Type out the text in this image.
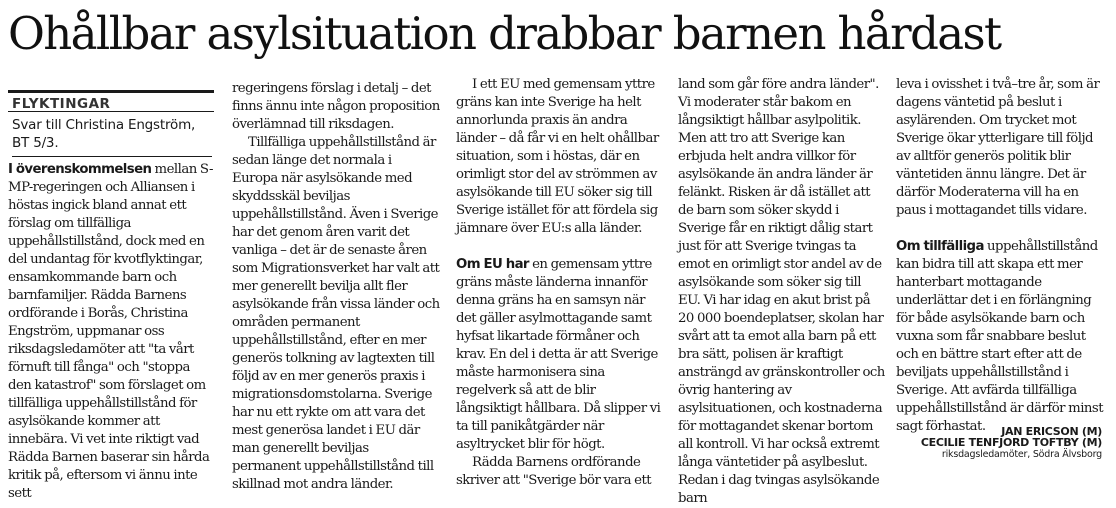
Ohållbar asylsituation drabbar barnen hårdast
FLYKTINGAR
Svar till Christina Engström,
BT 5/3.

I överenskommelsen mellan S-MP-regeringen och Alliansen i höstas ingick bland annat ett förslag om tillfälliga uppehållstillstånd, dock med en del undantag för kvotflyktingar, ensamkommande barn och barnfamiljer. Rädda Barnens ordförande i Borås, Christina Engström, uppmanar oss riksdagsledamöter att "ta vårt förnuft till fånga" och "stoppa den katastrof" som förslaget om tillfälliga uppehållstillstånd för asylsökande kommer att innebära. Vi vet inte riktigt vad Rädda Barnen baserar sin hårda kritik på, eftersom vi ännu inte sett

regeringens förslag i detalj – det finns ännu inte någon proposition överlämnad till riksdagen.

Tillfälliga uppehållstillstånd är sedan länge det normala i Europa när asylsökande med skyddsskäl beviljas uppehållstillstånd. Även i Sverige har det genom åren varit det vanliga – det är de senaste åren som Migrationsverket har valt att mer generellt bevilja allt fler asylsökande från vissa länder och områden permanent uppehållstillstånd, efter en mer generös tolkning av lagtexten till följd av en mer generös praxis i migrationsdomstolarna. Sverige har nu ett rykte om att vara det mest generösa landet i EU där man generellt beviljas permanent uppehållstillstånd till skillnad mot andra länder.

I ett EU med gemensam yttre gräns kan inte Sverige ha helt annorlunda praxis än andra länder – då får vi en helt ohållbar situation, som i höstas, där en orimligt stor del av strömmen av asylsökande till EU söker sig till Sverige istället för att fördela sig jämnare över EU:s alla länder.

Om EU har en gemensam yttre gräns måste länderna innanför denna gräns ha en samsyn när det gäller asylmottagande samt hyfsat likartade förmåner och krav. En del i detta är att Sverige måste harmonisera sina regelverk så att de blir långsiktigt hållbara. Då slipper vi ta till panikåtgärder när asyltrycket blir för högt.

Rädda Barnens ordförande skriver att "Sverige bör vara ett

land som går före andra länder". Vi moderater står bakom en långsiktigt hållbar asylpolitik. Men att tro att Sverige kan erbjuda helt andra villkor för asylsökande än andra länder är felänkt. Risken är då istället att de barn som söker skydd i Sverige får en riktigt dålig start just för att Sverige tvingas ta emot en orimligt stor andel av de asylsökande som söker sig till EU. Vi har idag en akut brist på 20 000 boendeplatser, skolan har svårt att ta emot alla barn på ett bra sätt, polisen är kraftigt ansträngd av gränskontroller och övrig hantering av asylsituationen, och kostnaderna för mottagandet skenar bortom all kontroll. Vi har också extremt långa väntetider på asylbeslut. Redan i dag tvingas asylsökande barn

leva i ovisshet i två–tre år, som är dagens väntetid på beslut i asylärenden. Om trycket mot Sverige ökar ytterligare till följd av alltför generös politik blir väntetiden ännu längre. Det är därför Moderaterna vill ha en paus i mottagandet tills vidare.

Om tillfälliga uppehållstillstånd kan bidra till att skapa ett mer hanterbart mottagande underlättar det i en förlängning för både asylsökande barn och vuxna som får snabbare beslut och en bättre start efter att de beviljats uppehållstillstånd i Sverige. Att avfärda tillfälliga uppehållstillstånd är därför minst sagt förhastat.	JAN ERICSON (M)
CECILIE TENFJORD TOFTBY (M)
riksdagsledamöter, Södra Älvsborg
